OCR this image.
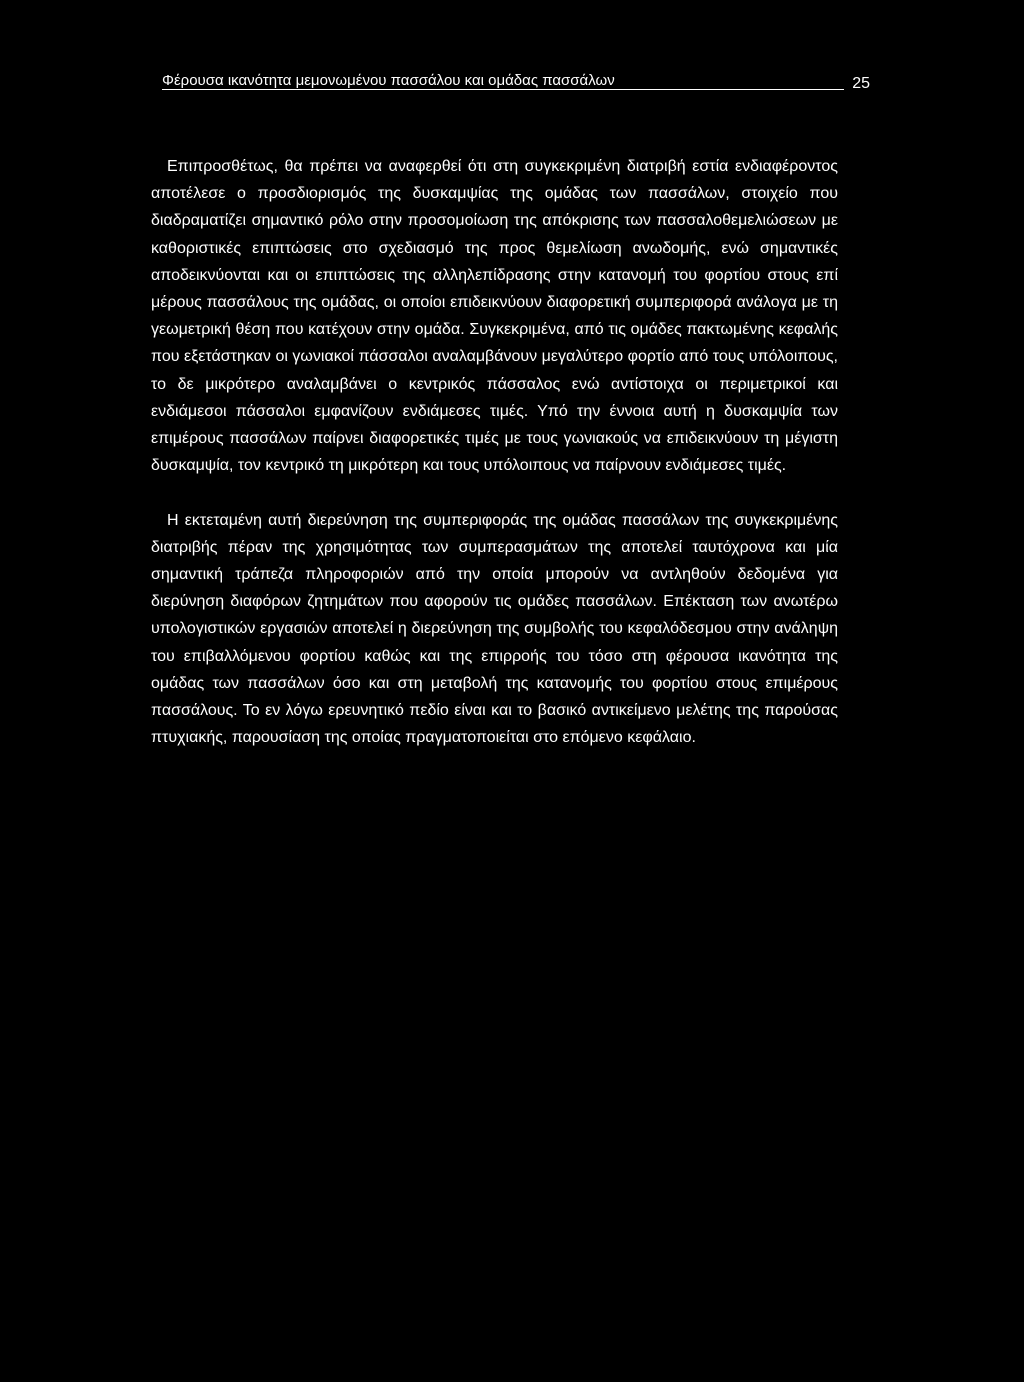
Φέρουσα ικανότητα μεμονωμένου πασσάλου και ομάδας πασσάλων	25

Επιπροσθέτως, θα πρέπει να αναφερθεί ότι στη συγκεκριμένη διατριβή εστία ενδιαφέροντος αποτέλεσε ο προσδιορισμός της δυσκαμψίας της ομάδας των πασσάλων, στοιχείο που διαδραματίζει σημαντικό ρόλο στην προσομοίωση της απόκρισης των πασσαλοθεμελιώσεων με καθοριστικές επιπτώσεις στο σχεδιασμό της προς θεμελίωση ανωδομής, ενώ σημαντικές αποδεικνύονται και οι επιπτώσεις της αλληλεπίδρασης στην κατανομή του φορτίου στους επί μέρους πασσάλους της ομάδας, οι οποίοι επιδεικνύουν διαφορετική συμπεριφορά ανάλογα με τη γεωμετρική θέση που κατέχουν στην ομάδα. Συγκεκριμένα, από τις ομάδες πακτωμένης κεφαλής που εξετάστηκαν οι γωνιακοί πάσσαλοι αναλαμβάνουν μεγαλύτερο φορτίο από τους υπόλοιπους, το δε μικρότερο αναλαμβάνει ο κεντρικός πάσσαλος ενώ αντίστοιχα οι περιμετρικοί και ενδιάμεσοι πάσσαλοι εμφανίζουν ενδιάμεσες τιμές. Υπό την έννοια αυτή η δυσκαμψία των επιμέρους πασσάλων παίρνει διαφορετικές τιμές με τους γωνιακούς να επιδεικνύουν τη μέγιστη δυσκαμψία, τον κεντρικό τη μικρότερη και τους υπόλοιπους να παίρνουν ενδιάμεσες τιμές.

Η εκτεταμένη αυτή διερεύνηση της συμπεριφοράς της ομάδας πασσάλων της συγκεκριμένης διατριβής πέραν της χρησιμότητας των συμπερασμάτων της αποτελεί ταυτόχρονα και μία σημαντική τράπεζα πληροφοριών από την οποία μπορούν να αντληθούν δεδομένα για διερύνηση διαφόρων ζητημάτων που αφορούν τις ομάδες πασσάλων. Επέκταση των ανωτέρω υπολογιστικών εργασιών αποτελεί η διερεύνηση της συμβολής του κεφαλόδεσμου στην ανάληψη του επιβαλλόμενου φορτίου καθώς και της επιρροής του τόσο στη φέρουσα ικανότητα της ομάδας των πασσάλων όσο και στη μεταβολή της κατανομής του φορτίου στους επιμέρους πασσάλους. Το εν λόγω ερευνητικό πεδίο είναι και το βασικό αντικείμενο μελέτης της παρούσας πτυχιακής, παρουσίαση της οποίας πραγματοποιείται στο επόμενο κεφάλαιο.
